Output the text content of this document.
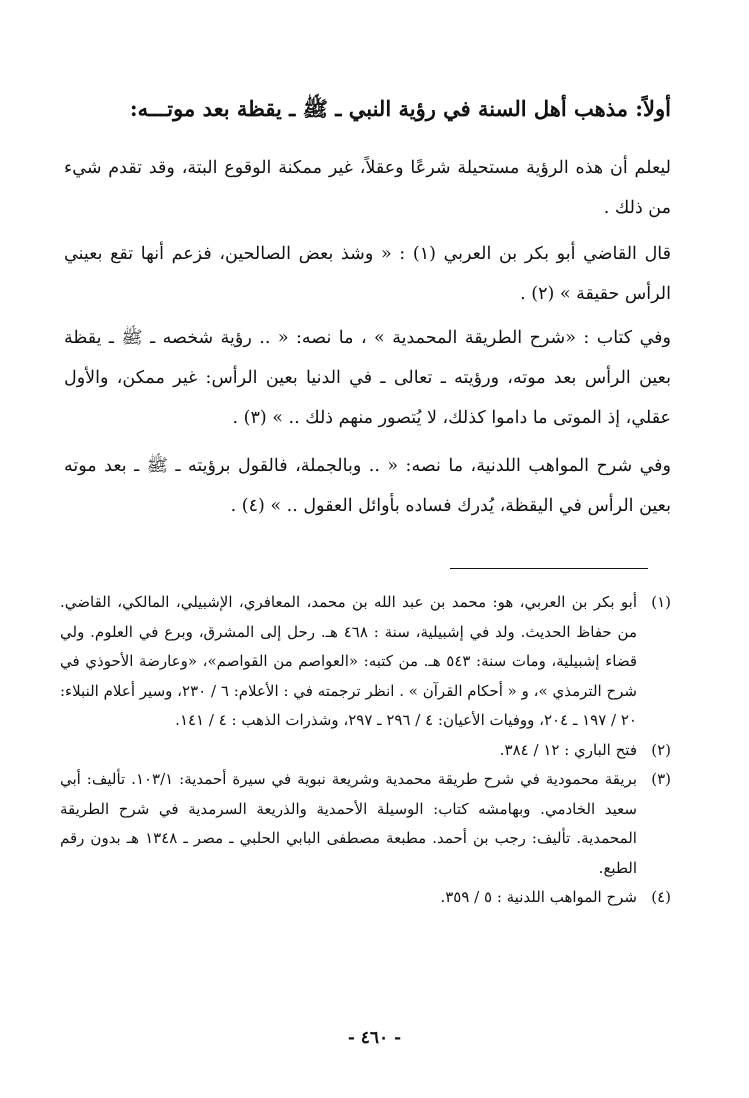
أولاً: مذهب أهل السنة في رؤية النبي ـ ﷺ ـ يقظة بعد موتـــه:
ليعلم أن هذه الرؤية مستحيلة شرعًا وعقلاً، غير ممكنة الوقوع البتة، وقد تقدم شيء من ذلك .
قال القاضي أبو بكر بن العربي (١) : « وشذ بعض الصالحين، فزعم أنها تقع بعيني الرأس حقيقة » (٢) .
وفي كتاب : «شرح الطريقة المحمدية » ، ما نصه: « .. رؤية شخصه ـ ﷺ ـ يقظة بعين الرأس بعد موته، ورؤيته ـ تعالى ـ في الدنيا بعين الرأس: غير ممكن، والأول عقلي، إذ الموتى ما داموا كذلك، لا يُتصور منهم ذلك .. » (٣) .
وفي شرح المواهب اللدنية، ما نصه: « .. وبالجملة، فالقول برؤيته ـ ﷺ ـ بعد موته بعين الرأس في اليقظة، يُدرك فساده بأوائل العقول .. » (٤) .
(١)
أبو بكر بن العربي، هو: محمد بن عبد الله بن محمد، المعافري، الإشبيلي، المالكي، القاضي. من حفاظ الحديث. ولد في إشبيلية، سنة : ٤٦٨ هـ. رحل إلى المشرق، وبرع في العلوم. ولي قضاء إشبيلية، ومات سنة: ٥٤٣ هـ. من كتبه: «العواصم من القواصم»، «وعارضة الأحوذي في شرح الترمذي »، و « أحكام القرآن » . انظر ترجمته في : الأعلام: ٦ / ٢٣٠، وسير أعلام النبلاء: ٢٠ / ١٩٧ ـ ٢٠٤، ووفيات الأعيان: ٤ / ٢٩٦ ـ ٢٩٧، وشذرات الذهب : ٤ / ١٤١.
(٢)
فتح الباري : ١٢ / ٣٨٤.
(٣)
بريقة محمودية في شرح طريقة محمدية وشريعة نبوية في سيرة أحمدية: ١٠٣/١. تأليف: أبي سعيد الخادمي. وبهامشه كتاب: الوسيلة الأحمدية والذريعة السرمدية في شرح الطريقة المحمدية. تأليف: رجب بن أحمد. مطبعة مصطفى البابي الحلبي ـ مصر ـ ١٣٤٨ هـ بدون رقم الطبع.
(٤)
شرح المواهب اللدنية : ٥ / ٣٥٩.
- ٤٦٠ -
